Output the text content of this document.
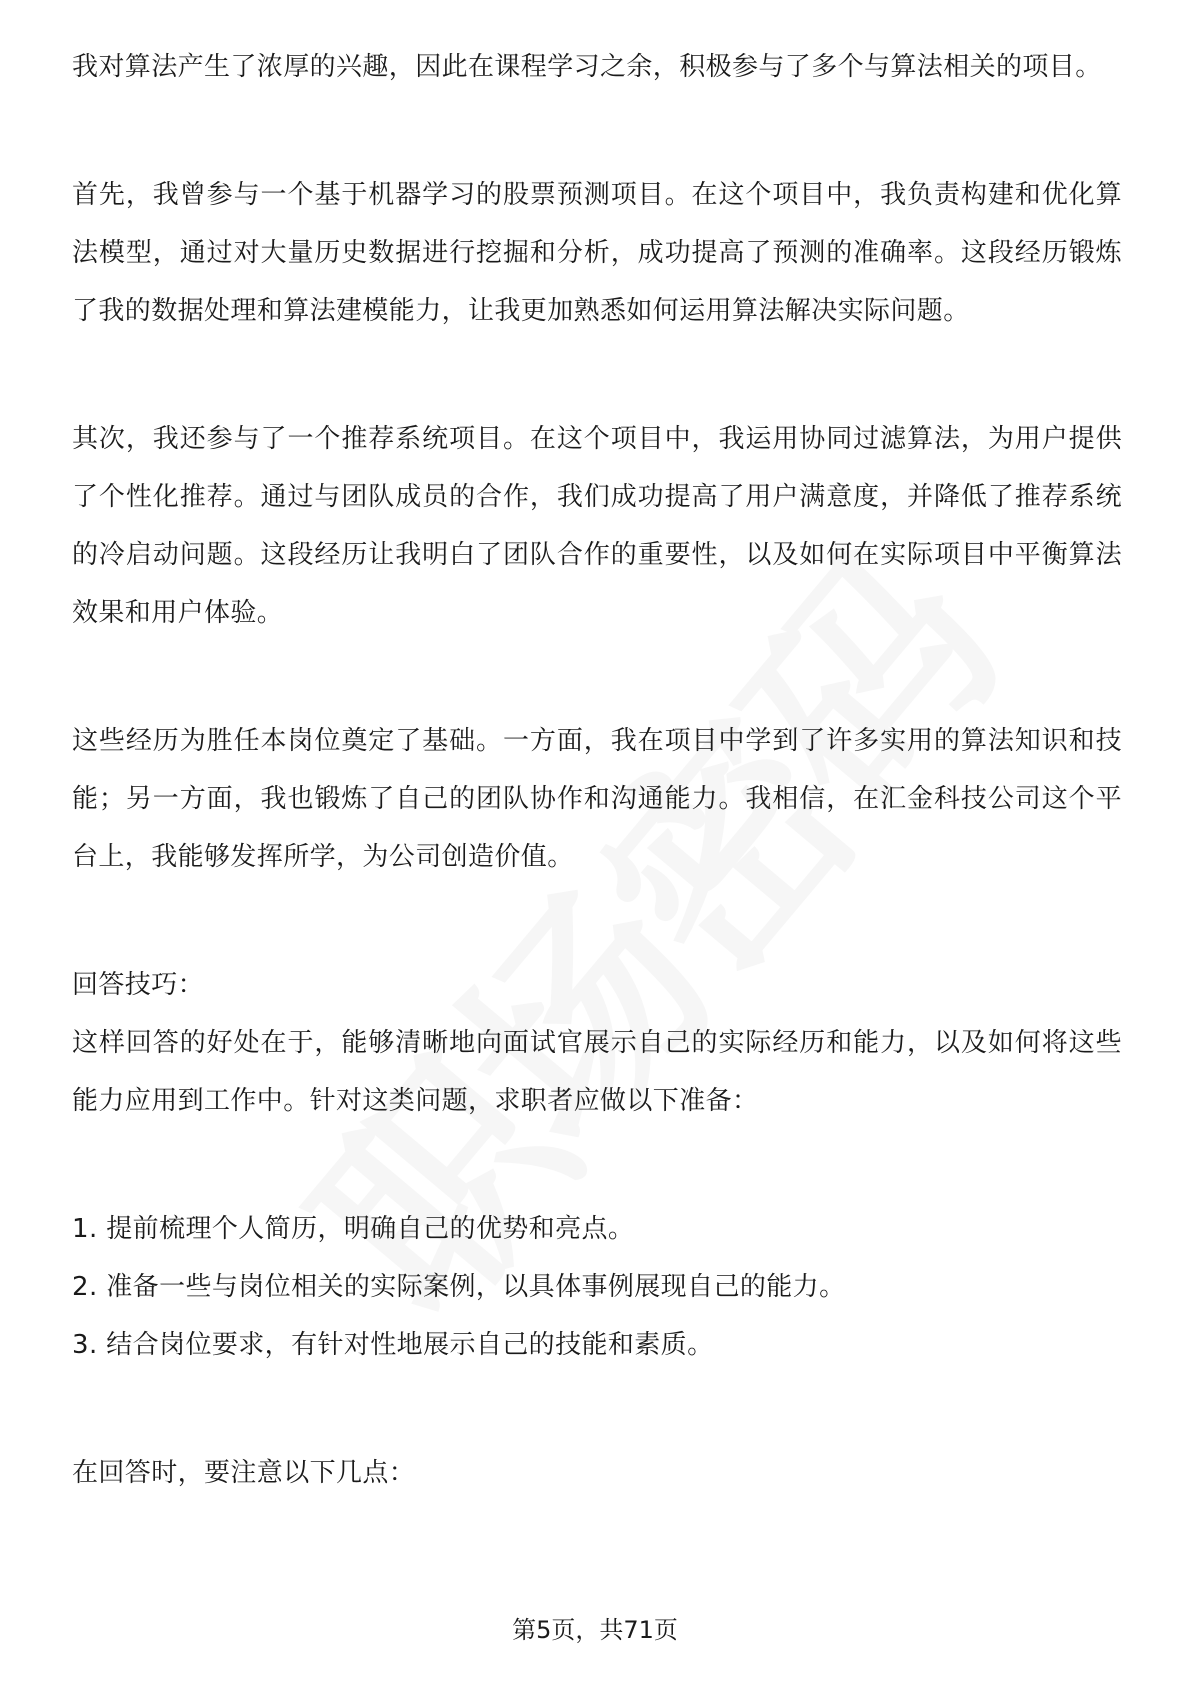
我对算法产生了浓厚的兴趣，因此在课程学习之余，积极参与了多个与算法相关的项目。

首先，我曾参与一个基于机器学习的股票预测项目。在这个项目中，我负责构建和优化算法模型，通过对大量历史数据进行挖掘和分析，成功提高了预测的准确率。这段经历锻炼了我的数据处理和算法建模能力，让我更加熟悉如何运用算法解决实际问题。

其次，我还参与了一个推荐系统项目。在这个项目中，我运用协同过滤算法，为用户提供了个性化推荐。通过与团队成员的合作，我们成功提高了用户满意度，并降低了推荐系统的冷启动问题。这段经历让我明白了团队合作的重要性，以及如何在实际项目中平衡算法效果和用户体验。

这些经历为胜任本岗位奠定了基础。一方面，我在项目中学到了许多实用的算法知识和技能；另一方面，我也锻炼了自己的团队协作和沟通能力。我相信，在汇金科技公司这个平台上，我能够发挥所学，为公司创造价值。

回答技巧：

这样回答的好处在于，能够清晰地向面试官展示自己的实际经历和能力，以及如何将这些能力应用到工作中。针对这类问题，求职者应做以下准备：

1. 提前梳理个人简历，明确自己的优势和亮点。

2. 准备一些与岗位相关的实际案例，以具体事例展现自己的能力。

3. 结合岗位要求，有针对性地展示自己的技能和素质。

在回答时，要注意以下几点：

第5页，共71页
